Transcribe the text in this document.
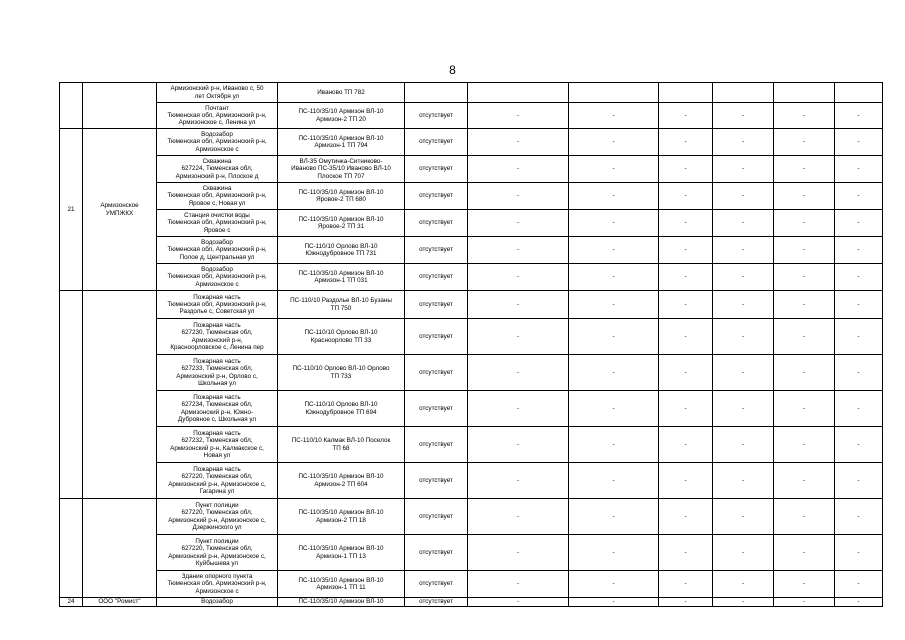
8
		Армизонский р-н, Иваново с, 50
лет Октября ул	Иваново ТП 782							
		Почтант
Тюменская обл, Армизонский р-н,
Армизонское с, Ленина ул	ПС-110/35/10 Армизон ВЛ-10
Армизон-2 ТП 20	отсутствует	-	-	-	-	-	-
21	Армизонское
УМПЖКХ	Водозабор
Тюменская обл, Армизонский р-н,
Армизонское с	ПС-110/35/10 Армизон ВЛ-10
Армизон-1 ТП 794	отсутствует	-	-	-	-	-	-
		Скважина
627224, Тюменская обл,
Армизонский р-н, Плоское д	ВЛ-35 Омутинка-Ситниково-
Иваново ПС-35/10 Иваново ВЛ-10
Плоское ТП 707	отсутствует	-	-	-	-	-	-
		Скважина
Тюменская обл, Армизонский р-н,
Яровое с, Новая ул	ПС-110/35/10 Армизон ВЛ-10
Яровое-2 ТП 680	отсутствует	-	-	-	-	-	-
		Станция очистки воды
Тюменская обл, Армизонский р-н,
Яровое с	ПС-110/35/10 Армизон ВЛ-10
Яровое-2 ТП 31	отсутствует	-	-	-	-	-	-
		Водозабор
Тюменская обл, Армизонский р-н,
Полое д, Центральная ул	ПС-110/10 Орлово ВЛ-10
Южнодубровное ТП 731	отсутствует	-	-	-	-	-	-
		Водозабор
Тюменская обл, Армизонский р-н,
Армизонское с	ПС-110/35/10 Армизон ВЛ-10
Армизон-1 ТП 031	отсутствует	-	-	-	-	-	-
		Пожарная часть
Тюменская обл, Армизонский р-н,
Раздолье с, Советская ул	ПС-110/10 Раздолье ВЛ-10 Бузаны
ТП 750	отсутствует	-	-	-	-	-	-
		Пожарная часть
627230, Тюменская обл,
Армизонский р-н,
Красноорловское с, Ленина пер	ПС-110/10 Орлово ВЛ-10
Красноорлово ТП 33	отсутствует	-	-	-	-	-	-
		Пожарная часть
627233, Тюменская обл,
Армизонский р-н, Орлово с,
Школьная ул	ПС-110/10 Орлово ВЛ-10 Орлово
ТП 733	отсутствует	-	-	-	-	-	-
		Пожарная часть
627234, Тюменская обл,
Армизонский р-н, Южно-
Дубровное с, Школьная ул	ПС-110/10 Орлово ВЛ-10
Южнодубровное ТП 694	отсутствует	-	-	-	-	-	-
		Пожарная часть
627232, Тюменская обл,
Армизонский р-н, Калмакское с,
Новая ул	ПС-110/10 Калмак ВЛ-10 Поселок
ТП 68	отсутствует	-	-	-	-	-	-
		Пожарная часть
627220, Тюменская обл,
Армизонский р-н, Армизонское с,
Гагарина ул	ПС-110/35/10 Армизон ВЛ-10
Армизон-2 ТП 604	отсутствует	-	-	-	-	-	-
		Пункт полиции
627220, Тюменская обл,
Армизонский р-н, Армизонское с,
Дзержинского ул	ПС-110/35/10 Армизон ВЛ-10
Армизон-2 ТП 18	отсутствует	-	-	-	-	-	-
		Пункт полиции
627220, Тюменская обл,
Армизонский р-н, Армизонское с,
Куйбышева ул	ПС-110/35/10 Армизон ВЛ-10
Армизон-1 ТП 13	отсутствует	-	-	-	-	-	-
		Здание опорного пункта
Тюменская обл, Армизонский р-н,
Армизонское с	ПС-110/35/10 Армизон ВЛ-10
Армизон-1 ТП 11	отсутствует	-	-	-	-	-	-
24	ООО "Ромист"	Водозабор	ПС-110/35/10 Армизон ВЛ-10	отсутствует	-	-	-	-	-	-
